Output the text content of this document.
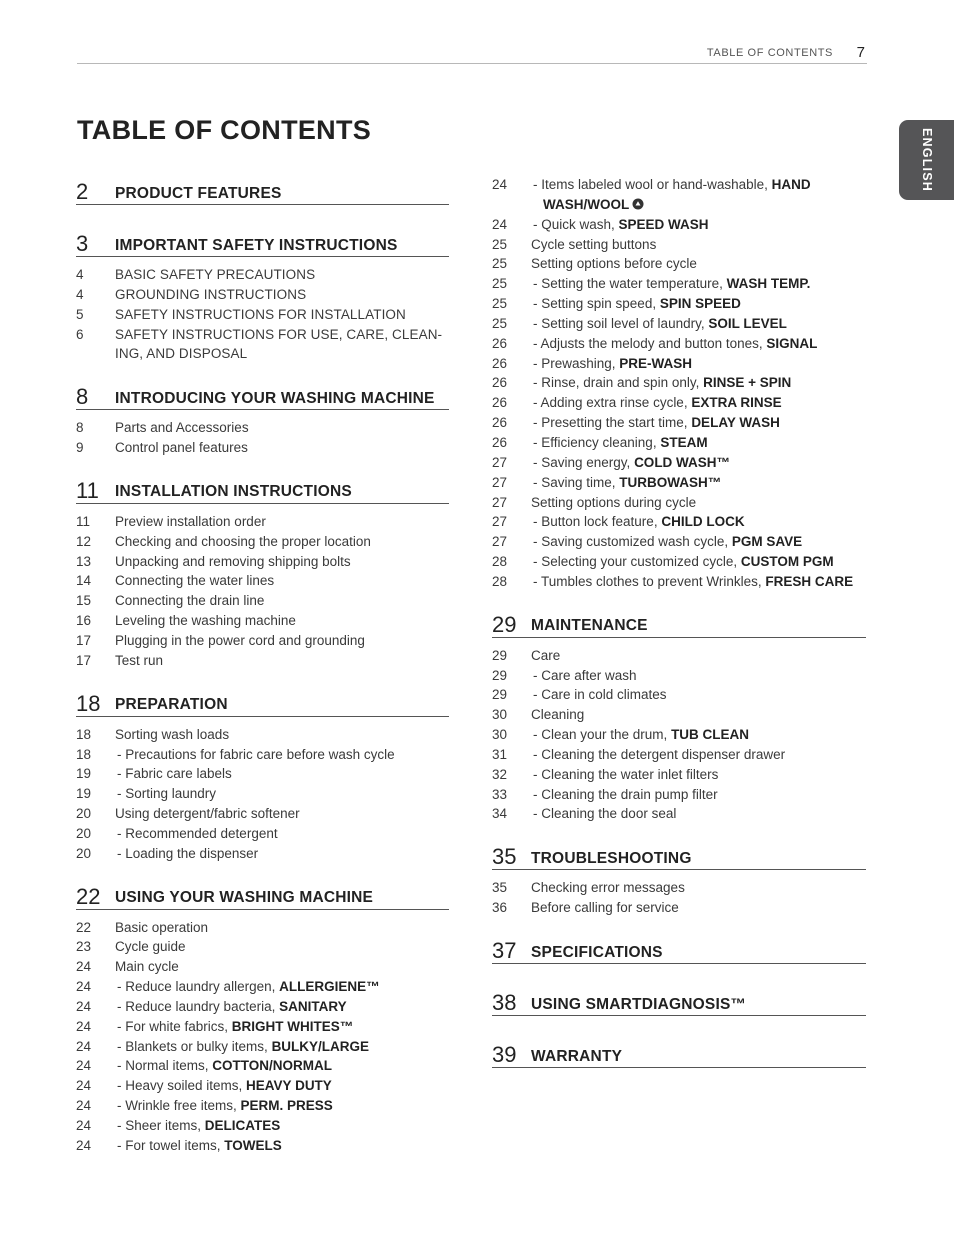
TABLE OF CONTENTS 7
ENGLISH
TABLE OF CONTENTS
2 PRODUCT FEATURES
3 IMPORTANT SAFETY INSTRUCTIONS
4	BASIC SAFETY PRECAUTIONS
4	GROUNDING INSTRUCTIONS
5	SAFETY INSTRUCTIONS FOR INSTALLATION
6	SAFETY INSTRUCTIONS FOR USE, CARE, CLEAN-
ING, AND DISPOSAL
8 INTRODUCING YOUR WASHING MACHINE
8	Parts and Accessories
9	Control panel features
11 INSTALLATION INSTRUCTIONS
11	Preview installation order
12	Checking and choosing the proper location
13	Unpacking and removing shipping bolts
14	Connecting the water lines
15	Connecting the drain line
16	Leveling the washing machine
17	Plugging in the power cord and grounding
17	Test run
18 PREPARATION
18	Sorting wash loads
18	- Precautions for fabric care before wash cycle
19	- Fabric care labels
19	- Sorting laundry
20	Using detergent/fabric softener
20	- Recommended detergent
20	- Loading the dispenser
22 USING YOUR WASHING MACHINE
22	Basic operation
23	Cycle guide
24	Main cycle
24	- Reduce laundry allergen, ALLERGIENE™
24	- Reduce laundry bacteria, SANITARY
24	- For white fabrics, BRIGHT WHITES™
24	- Blankets or bulky items, BULKY/LARGE
24	- Normal items, COTTON/NORMAL
24	- Heavy soiled items, HEAVY DUTY
24	- Wrinkle free items, PERM. PRESS
24	- Sheer items, DELICATES
24	- For towel items, TOWELS
24	- Items labeled wool or hand-washable, HAND
WASH/WOOL
24	- Quick wash, SPEED WASH
25	Cycle setting buttons
25	Setting options before cycle
25	- Setting the water temperature, WASH TEMP.
25	- Setting spin speed, SPIN SPEED
25	- Setting soil level of laundry, SOIL LEVEL
26	- Adjusts the melody and button tones, SIGNAL
26	- Prewashing, PRE-WASH
26	- Rinse, drain and spin only, RINSE + SPIN
26	- Adding extra rinse cycle, EXTRA RINSE
26	- Presetting the start time, DELAY WASH
26	- Efficiency cleaning, STEAM
27	- Saving energy, COLD WASH™
27	- Saving time, TURBOWASH™
27	Setting options during cycle
27	- Button lock feature, CHILD LOCK
27	- Saving customized wash cycle, PGM SAVE
28	- Selecting your customized cycle, CUSTOM PGM
28	- Tumbles clothes to prevent Wrinkles, FRESH CARE
29 MAINTENANCE
29	Care
29	- Care after wash
29	- Care in cold climates
30	Cleaning
30	- Clean your the drum, TUB CLEAN
31	- Cleaning the detergent dispenser drawer
32	- Cleaning the water inlet filters
33	- Cleaning the drain pump filter
34	- Cleaning the door seal
35 TROUBLESHOOTING
35	Checking error messages
36	Before calling for service
37 SPECIFICATIONS
38 USING SMARTDIAGNOSIS™
39 WARRANTY
